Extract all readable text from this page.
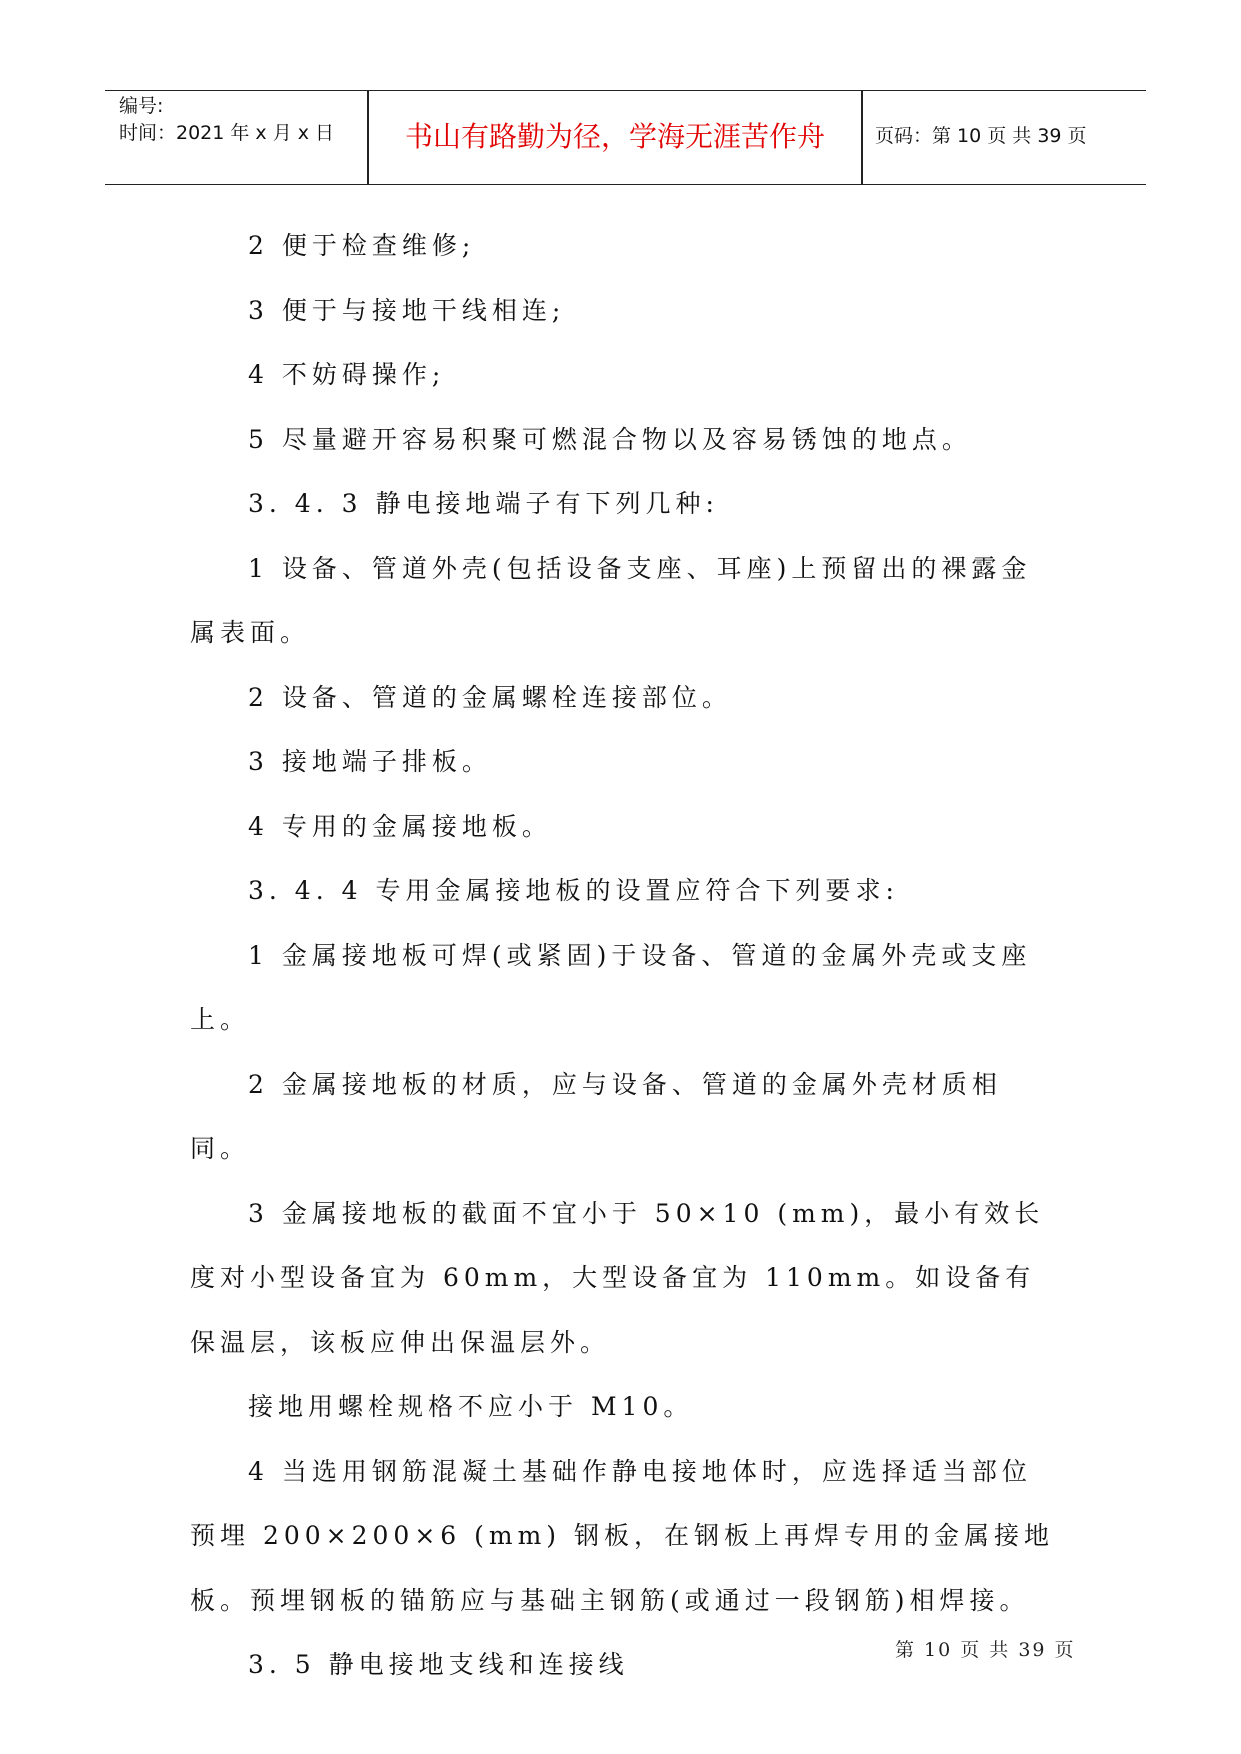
编号:
时间：2021 年 x 月 x 日	书山有路勤为径，学海无涯苦作舟	页码：第 10 页 共 39 页

2 便于检查维修;

3 便于与接地干线相连;

4 不妨碍操作;

5 尽量避开容易积聚可燃混合物以及容易锈蚀的地点。

3. 4. 3 静电接地端子有下列几种:

1 设备、管道外壳(包括设备支座、耳座)上预留出的裸露金属表面。

2 设备、管道的金属螺栓连接部位。

3 接地端子排板。

4 专用的金属接地板。

3. 4. 4 专用金属接地板的设置应符合下列要求:

1 金属接地板可焊(或紧固)于设备、管道的金属外壳或支座上。

2 金属接地板的材质，应与设备、管道的金属外壳材质相同。

3 金属接地板的截面不宜小于 50×10 (mm)，最小有效长度对小型设备宜为 60mm，大型设备宜为 110mm。如设备有保温层，该板应伸出保温层外。

接地用螺栓规格不应小于 M10。

4 当选用钢筋混凝土基础作静电接地体时，应选择适当部位预埋 200×200×6 (mm) 钢板，在钢板上再焊专用的金属接地板。预埋钢板的锚筋应与基础主钢筋(或通过一段钢筋)相焊接。

3. 5 静电接地支线和连接线	第 10 页 共 39 页
